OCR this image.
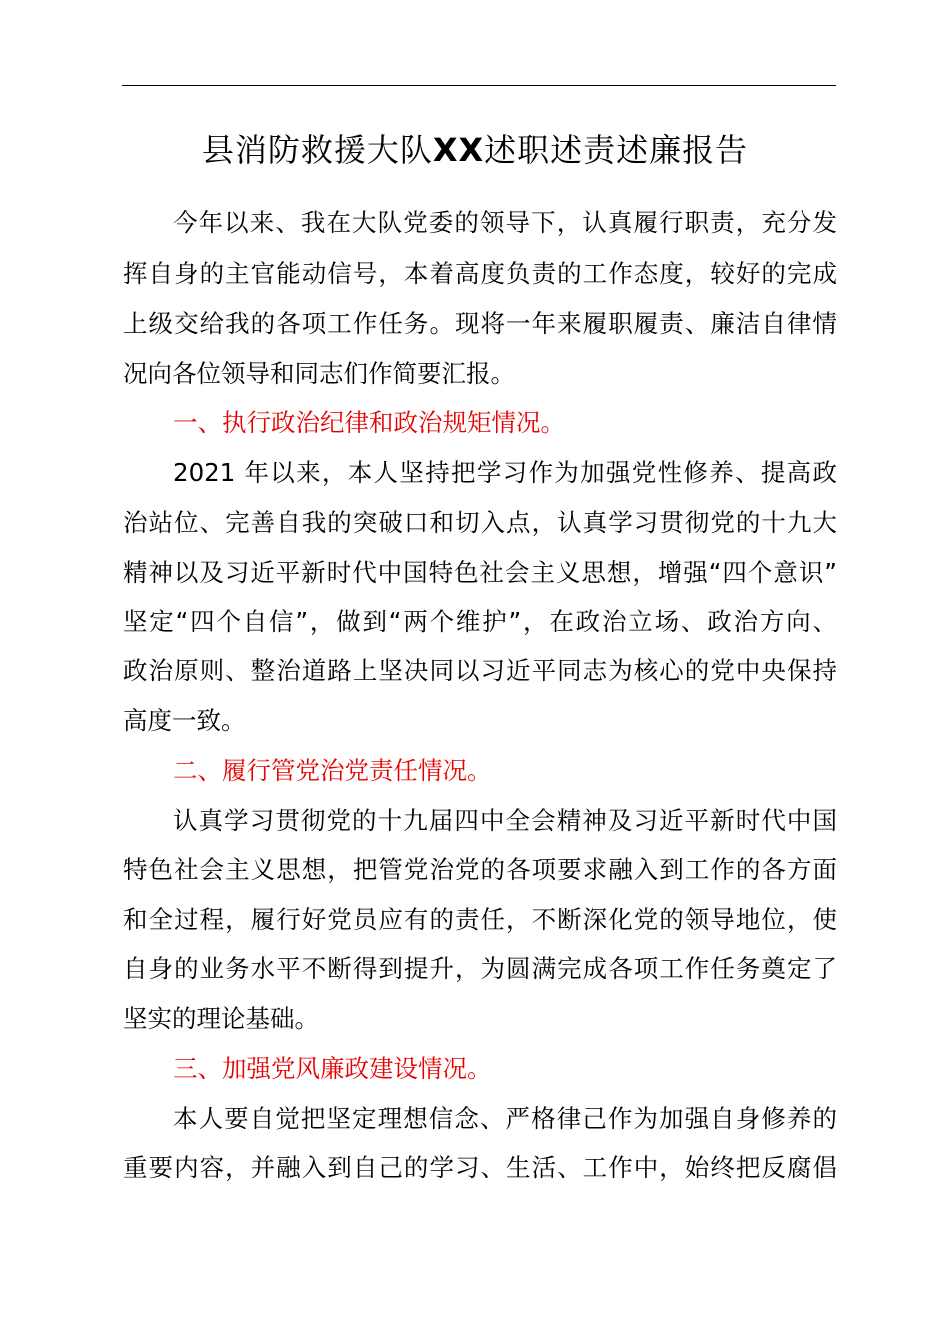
县消防救援大队XX述职述责述廉报告
今年以来、我在大队党委的领导下，认真履行职责，充分发
挥自身的主官能动信号，本着高度负责的工作态度，较好的完成
上级交给我的各项工作任务。现将一年来履职履责、廉洁自律情
况向各位领导和同志们作简要汇报。
一、执行政治纪律和政治规矩情况。
2021 年以来，本人坚持把学习作为加强党性修养、提高政
治站位、完善自我的突破口和切入点，认真学习贯彻党的十九大
精神以及习近平新时代中国特色社会主义思想，增强“四个意识”
坚定“四个自信”，做到“两个维护”，在政治立场、政治方向、
政治原则、整治道路上坚决同以习近平同志为核心的党中央保持
高度一致。
二、履行管党治党责任情况。
认真学习贯彻党的十九届四中全会精神及习近平新时代中国
特色社会主义思想，把管党治党的各项要求融入到工作的各方面
和全过程，履行好党员应有的责任，不断深化党的领导地位，使
自身的业务水平不断得到提升，为圆满完成各项工作任务奠定了
坚实的理论基础。
三、加强党风廉政建设情况。
本人要自觉把坚定理想信念、严格律己作为加强自身修养的
重要内容，并融入到自己的学习、生活、工作中，始终把反腐倡
